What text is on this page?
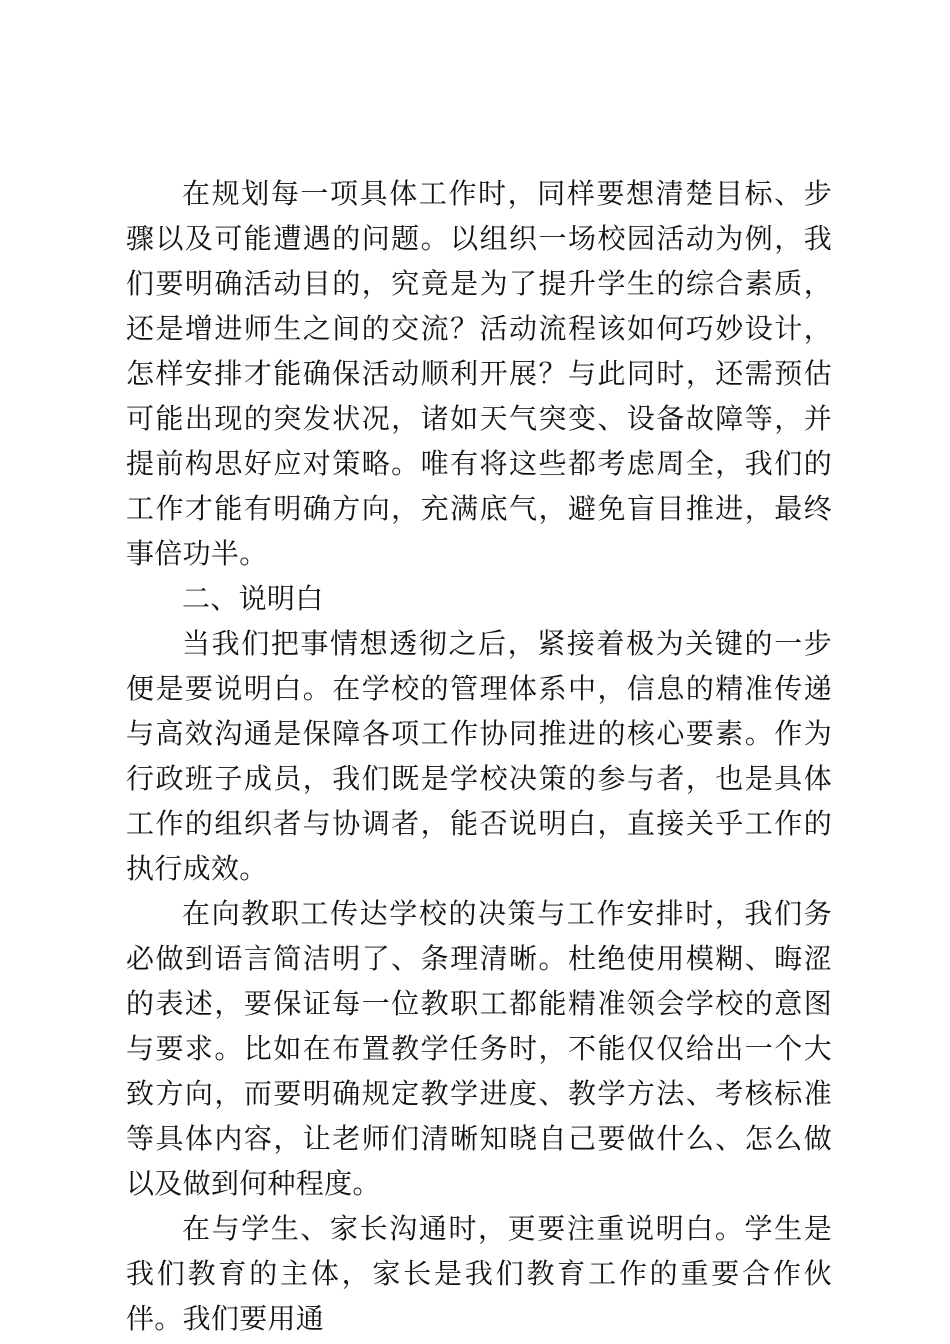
在规划每一项具体工作时，同样要想清楚目标、步骤以及可能遭遇的问题。以组织一场校园活动为例，我们要明确活动目的，究竟是为了提升学生的综合素质，还是增进师生之间的交流？活动流程该如何巧妙设计，怎样安排才能确保活动顺利开展？与此同时，还需预估可能出现的突发状况，诸如天气突变、设备故障等，并提前构思好应对策略。唯有将这些都考虑周全，我们的工作才能有明确方向，充满底气，避免盲目推进，最终事倍功半。

二、说明白

当我们把事情想透彻之后，紧接着极为关键的一步便是要说明白。在学校的管理体系中，信息的精准传递与高效沟通是保障各项工作协同推进的核心要素。作为行政班子成员，我们既是学校决策的参与者，也是具体工作的组织者与协调者，能否说明白，直接关乎工作的执行成效。

在向教职工传达学校的决策与工作安排时，我们务必做到语言简洁明了、条理清晰。杜绝使用模糊、晦涩的表述，要保证每一位教职工都能精准领会学校的意图与要求。比如在布置教学任务时，不能仅仅给出一个大致方向，而要明确规定教学进度、教学方法、考核标准等具体内容，让老师们清晰知晓自己要做什么、怎么做以及做到何种程度。

在与学生、家长沟通时，更要注重说明白。学生是我们教育的主体，家长是我们教育工作的重要合作伙伴。我们要用通
